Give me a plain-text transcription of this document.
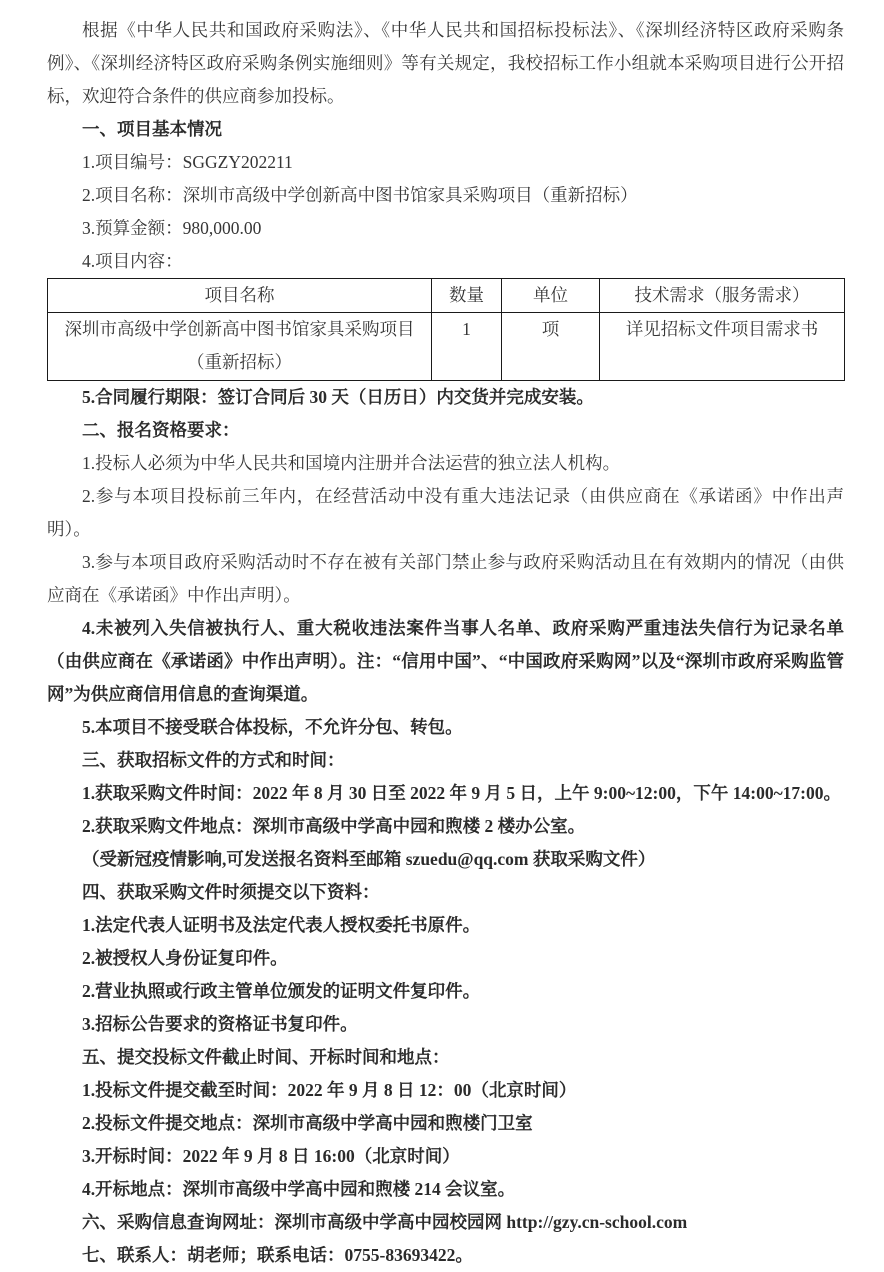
根据《中华人民共和国政府采购法》、《中华人民共和国招标投标法》、《深圳经济特区政府采购条例》、《深圳经济特区政府采购条例实施细则》等有关规定，我校招标工作小组就本采购项目进行公开招标，欢迎符合条件的供应商参加投标。

一、项目基本情况

1.项目编号：SGGZY202211

2.项目名称：深圳市高级中学创新高中图书馆家具采购项目（重新招标）

3.预算金额：980,000.00

4.项目内容：

项目名称	数量	单位	技术需求（服务需求）
深圳市高级中学创新高中图书馆家具采购项目（重新招标）	1	项	详见招标文件项目需求书

5.合同履行期限：签订合同后 30 天（日历日）内交货并完成安装。

二、报名资格要求：

1.投标人必须为中华人民共和国境内注册并合法运营的独立法人机构。

2.参与本项目投标前三年内，在经营活动中没有重大违法记录（由供应商在《承诺函》中作出声明）。

3.参与本项目政府采购活动时不存在被有关部门禁止参与政府采购活动且在有效期内的情况（由供应商在《承诺函》中作出声明）。

4.未被列入失信被执行人、重大税收违法案件当事人名单、政府采购严重违法失信行为记录名单（由供应商在《承诺函》中作出声明）。注：“信用中国”、“中国政府采购网”以及“深圳市政府采购监管网”为供应商信用信息的查询渠道。

5.本项目不接受联合体投标，不允许分包、转包。

三、获取招标文件的方式和时间：

1.获取采购文件时间：2022 年 8 月 30 日至 2022 年 9 月 5 日，上午 9:00~12:00，下午 14:00~17:00。

2.获取采购文件地点：深圳市高级中学高中园和煦楼 2 楼办公室。

（受新冠疫情影响,可发送报名资料至邮箱 szuedu@qq.com 获取采购文件）

四、获取采购文件时须提交以下资料：

1.法定代表人证明书及法定代表人授权委托书原件。

2.被授权人身份证复印件。

2.营业执照或行政主管单位颁发的证明文件复印件。

3.招标公告要求的资格证书复印件。

五、提交投标文件截止时间、开标时间和地点：

1.投标文件提交截至时间：2022 年 9 月 8 日 12：00（北京时间）

2.投标文件提交地点：深圳市高级中学高中园和煦楼门卫室

3.开标时间：2022 年 9 月 8 日 16:00（北京时间）

4.开标地点：深圳市高级中学高中园和煦楼 214 会议室。

六、采购信息查询网址：深圳市高级中学高中园校园网 http://gzy.cn-school.com

七、联系人：胡老师；联系电话：0755-83693422。
